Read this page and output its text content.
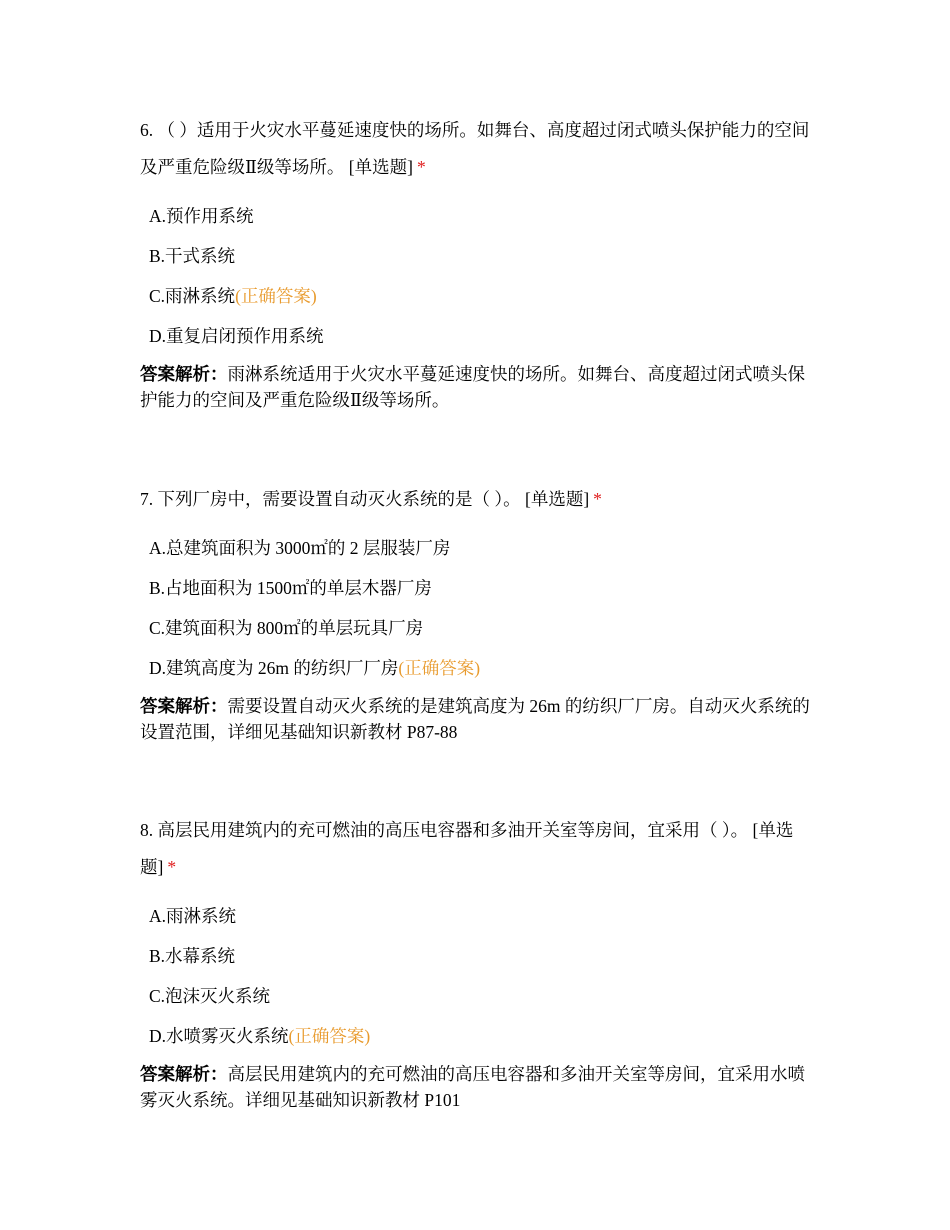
6. （ ）适用于火灾水平蔓延速度快的场所。如舞台、高度超过闭式喷头保护能力的空间及严重危险级Ⅱ级等场所。 [单选题] *

A.预作用系统
B.干式系统
C.雨淋系统(正确答案)
D.重复启闭预作用系统
答案解析：雨淋系统适用于火灾水平蔓延速度快的场所。如舞台、高度超过闭式喷头保护能力的空间及严重危险级Ⅱ级等场所。

7. 下列厂房中，需要设置自动灭火系统的是（ ）。 [单选题] *

A.总建筑面积为 3000㎡的 2 层服装厂房
B.占地面积为 1500㎡的单层木器厂房
C.建筑面积为 800㎡的单层玩具厂房
D.建筑高度为 26m 的纺织厂厂房(正确答案)
答案解析：需要设置自动灭火系统的是建筑高度为 26m 的纺织厂厂房。自动灭火系统的设置范围，详细见基础知识新教材 P87-88

8. 高层民用建筑内的充可燃油的高压电容器和多油开关室等房间，宜采用（ ）。 [单选题] *

A.雨淋系统
B.水幕系统
C.泡沫灭火系统
D.水喷雾灭火系统(正确答案)
答案解析：高层民用建筑内的充可燃油的高压电容器和多油开关室等房间，宜采用水喷雾灭火系统。详细见基础知识新教材 P101
